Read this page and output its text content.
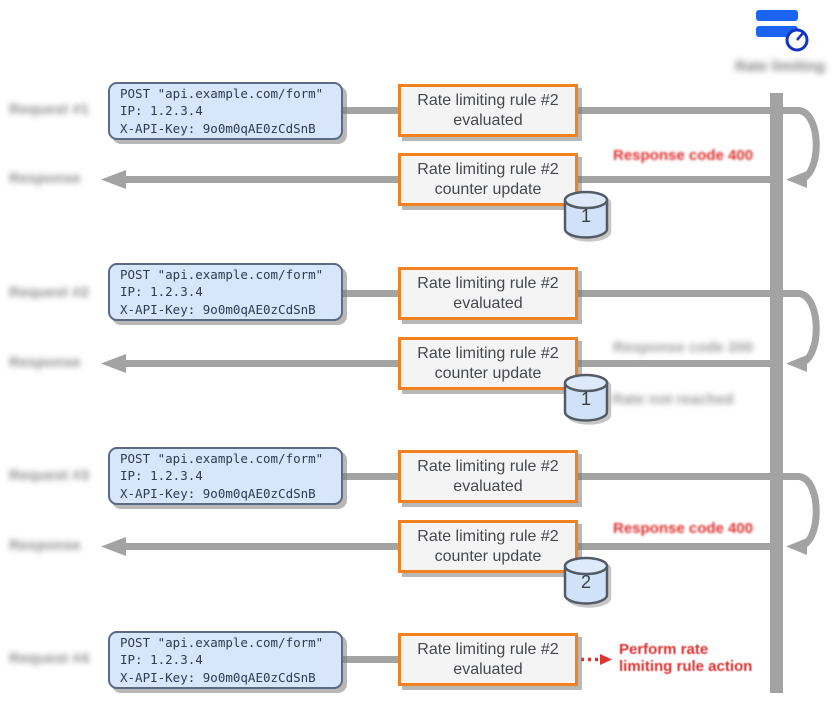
Rate limiting
Request #1
POST "api.example.com/form"
IP: 1.2.3.4
X-API-Key: 9o0m0qAE0zCdSnB
Rate limiting rule #2 evaluated
Response code 400
Response
Rate limiting rule #2 counter update
1
Request #2
POST "api.example.com/form"
IP: 1.2.3.4
X-API-Key: 9o0m0qAE0zCdSnB
Rate limiting rule #2 evaluated
Response code 200
Response
Rate limiting rule #2 counter update
Rate not reached
1
Request #3
POST "api.example.com/form"
IP: 1.2.3.4
X-API-Key: 9o0m0qAE0zCdSnB
Rate limiting rule #2 evaluated
Response code 400
Response
Rate limiting rule #2 counter update
2
Request #4
POST "api.example.com/form"
IP: 1.2.3.4
X-API-Key: 9o0m0qAE0zCdSnB
Rate limiting rule #2 evaluated
Perform rate
limiting rule action
